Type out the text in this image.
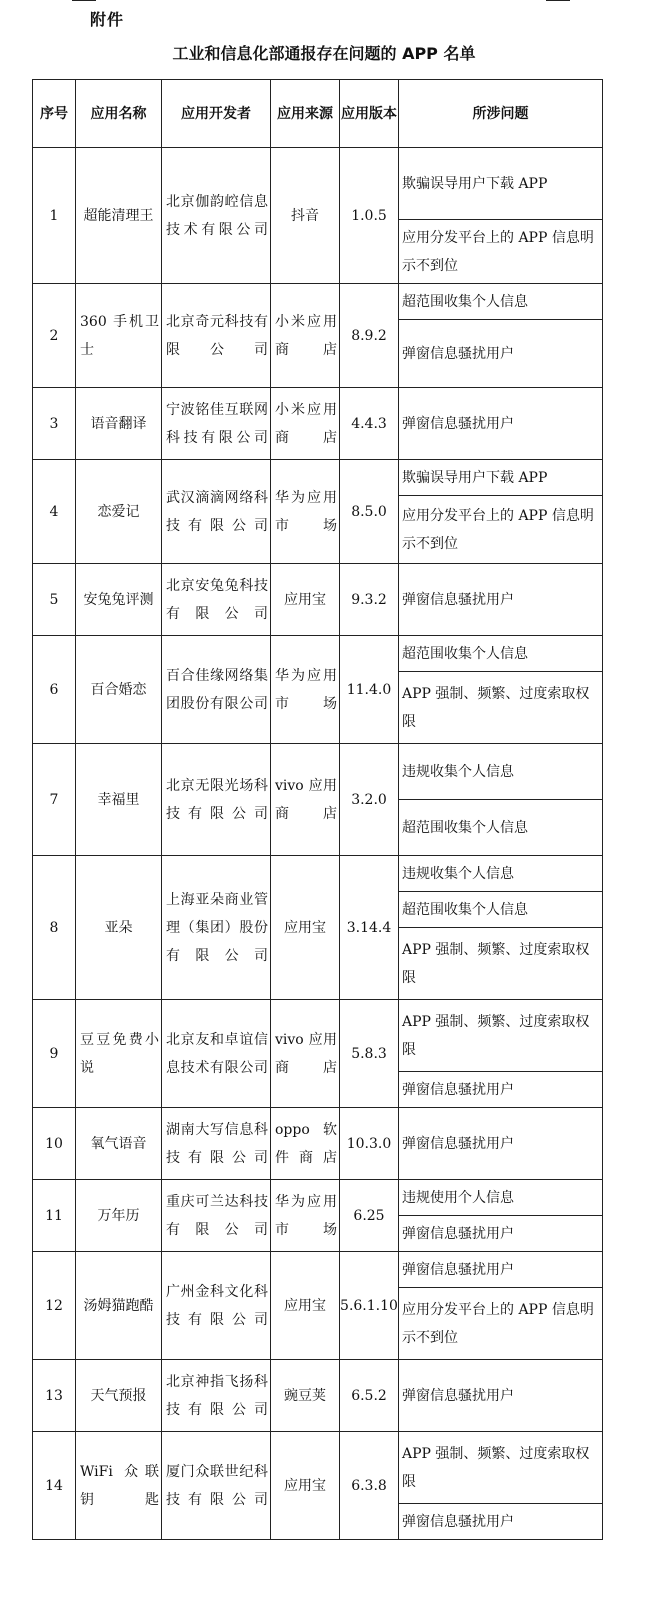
附件
工业和信息化部通报存在问题的 APP 名单
序号	应用名称	应用开发者	应用来源	应用版本	所涉问题
1	超能清理王	北京伽韵崆信息技术有限公司	抖音	1.0.5	欺骗误导用户下载 APP
					应用分发平台上的 APP 信息明示不到位
2	360 手机卫士	北京奇元科技有限公司	小米应用商店	8.9.2	超范围收集个人信息
					弹窗信息骚扰用户
3	语音翻译	宁波铭佳互联网科技有限公司	小米应用商店	4.4.3	弹窗信息骚扰用户
4	恋爱记	武汉滴滴网络科技有限公司	华为应用市场	8.5.0	欺骗误导用户下载 APP
					应用分发平台上的 APP 信息明示不到位
5	安兔兔评测	北京安兔兔科技有限公司	应用宝	9.3.2	弹窗信息骚扰用户
6	百合婚恋	百合佳缘网络集团股份有限公司	华为应用市场	11.4.0	超范围收集个人信息
					APP 强制、频繁、过度索取权限
7	幸福里	北京无限光场科技有限公司	vivo 应用商店	3.2.0	违规收集个人信息
					超范围收集个人信息
8	亚朵	上海亚朵商业管理（集团）股份有限公司	应用宝	3.14.4	违规收集个人信息
					超范围收集个人信息
					APP 强制、频繁、过度索取权限
9	豆豆免费小说	北京友和卓谊信息技术有限公司	vivo 应用商店	5.8.3	APP 强制、频繁、过度索取权限
					弹窗信息骚扰用户
10	氧气语音	湖南大写信息科技有限公司	oppo 软件商店	10.3.0	弹窗信息骚扰用户
11	万年历	重庆可兰达科技有限公司	华为应用市场	6.25	违规使用个人信息
					弹窗信息骚扰用户
12	汤姆猫跑酷	广州金科文化科技有限公司	应用宝	5.6.1.10	弹窗信息骚扰用户
					应用分发平台上的 APP 信息明示不到位
13	天气预报	北京神指飞扬科技有限公司	豌豆荚	6.5.2	弹窗信息骚扰用户
14	WiFi 众联钥匙	厦门众联世纪科技有限公司	应用宝	6.3.8	APP 强制、频繁、过度索取权限
					弹窗信息骚扰用户
